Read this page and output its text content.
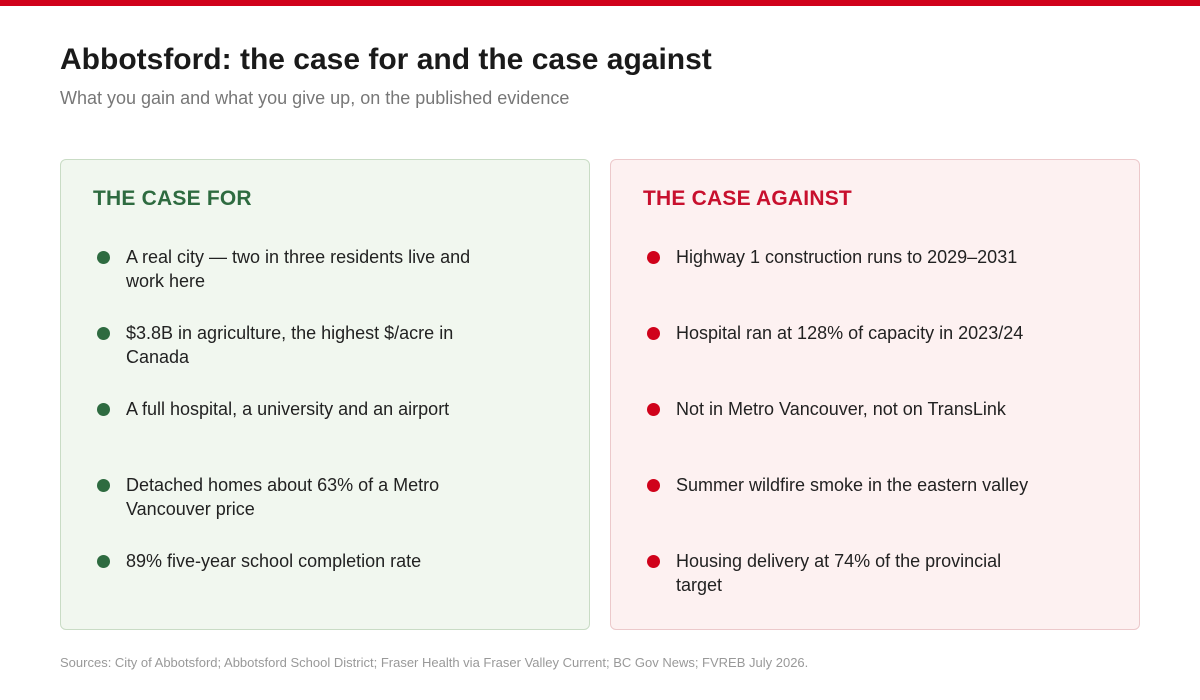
Abbotsford: the case for and the case against

What you gain and what you give up, on the published evidence

THE CASE FOR
A real city — two in three residents live and work here
$3.8B in agriculture, the highest $/acre in Canada
A full hospital, a university and an airport
Detached homes about 63% of a Metro Vancouver price
89% five-year school completion rate
THE CASE AGAINST
Highway 1 construction runs to 2029–2031
Hospital ran at 128% of capacity in 2023/24
Not in Metro Vancouver, not on TransLink
Summer wildfire smoke in the eastern valley
Housing delivery at 74% of the provincial target

Sources: City of Abbotsford; Abbotsford School District; Fraser Health via Fraser Valley Current; BC Gov News; FVREB July 2026.
